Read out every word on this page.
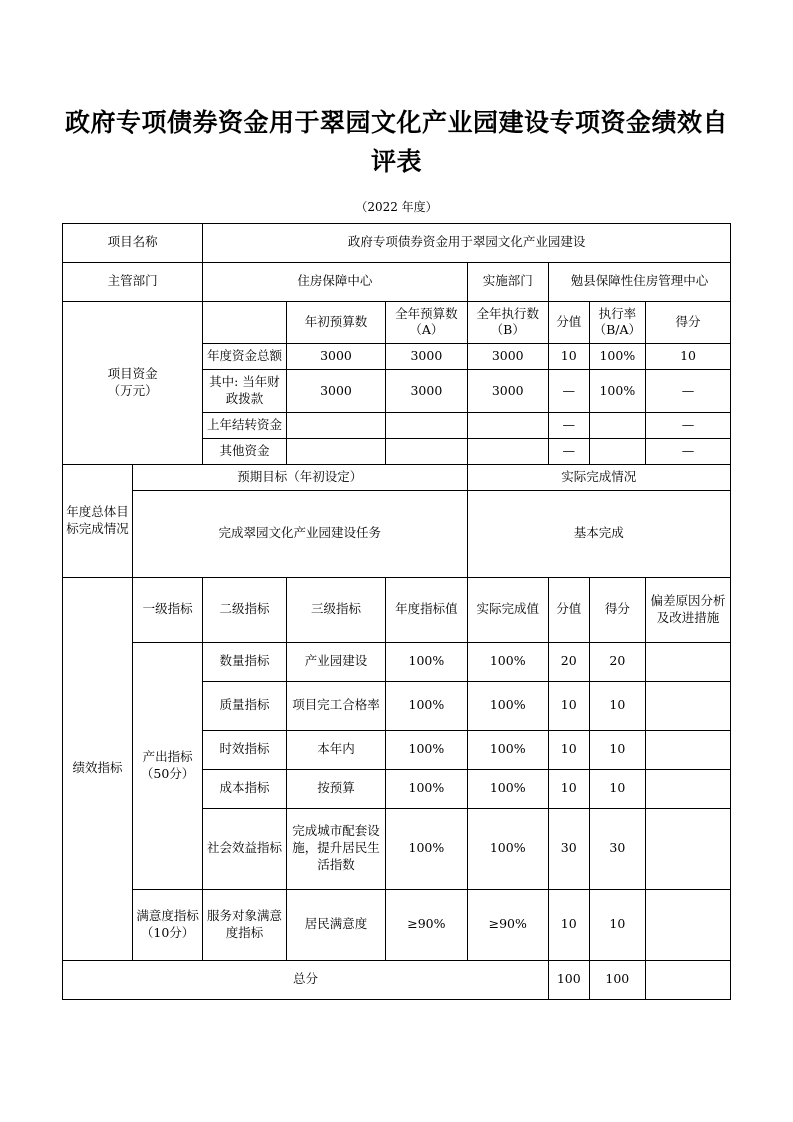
政府专项债券资金用于翠园文化产业园建设专项资金绩效自评表
（2022 年度）
项目名称		政府专项债券资金用于翠园文化产业园建设						
主管部门		住房保障中心			实施部门	勉县保障性住房管理中心		

项目资金
（万元）			年初预算数	全年预算数（A）	全年执行数（B）	分值	执行率（B/A）	得分
		年度资金总额	3000	3000	3000	10	100%	10
		其中: 当年财政拨款	3000	3000	3000	—	100%	—
		上年结转资金				—		—
		其他资金				—		—
年度总体目标完成情况	预期目标（年初设定）				实际完成情况			
	完成翠园文化产业园建设任务				基本完成			
绩效指标	一级指标	二级指标	三级指标	年度指标值	实际完成值	分值	得分	偏差原因分析及改进措施
	产出指标（50分）	数量指标	产业园建设	100%	100%	20	20	
		质量指标	项目完工合格率	100%	100%	10	10	
		时效指标	本年内	100%	100%	10	10	
		成本指标	按预算	100%	100%	10	10	
		社会效益指标	完成城市配套设施，提升居民生活指数	100%	100%	30	30	
	满意度指标（10分）	服务对象满意度指标	居民满意度	≥90%	≥90%	10	10	
总分						100	100	
